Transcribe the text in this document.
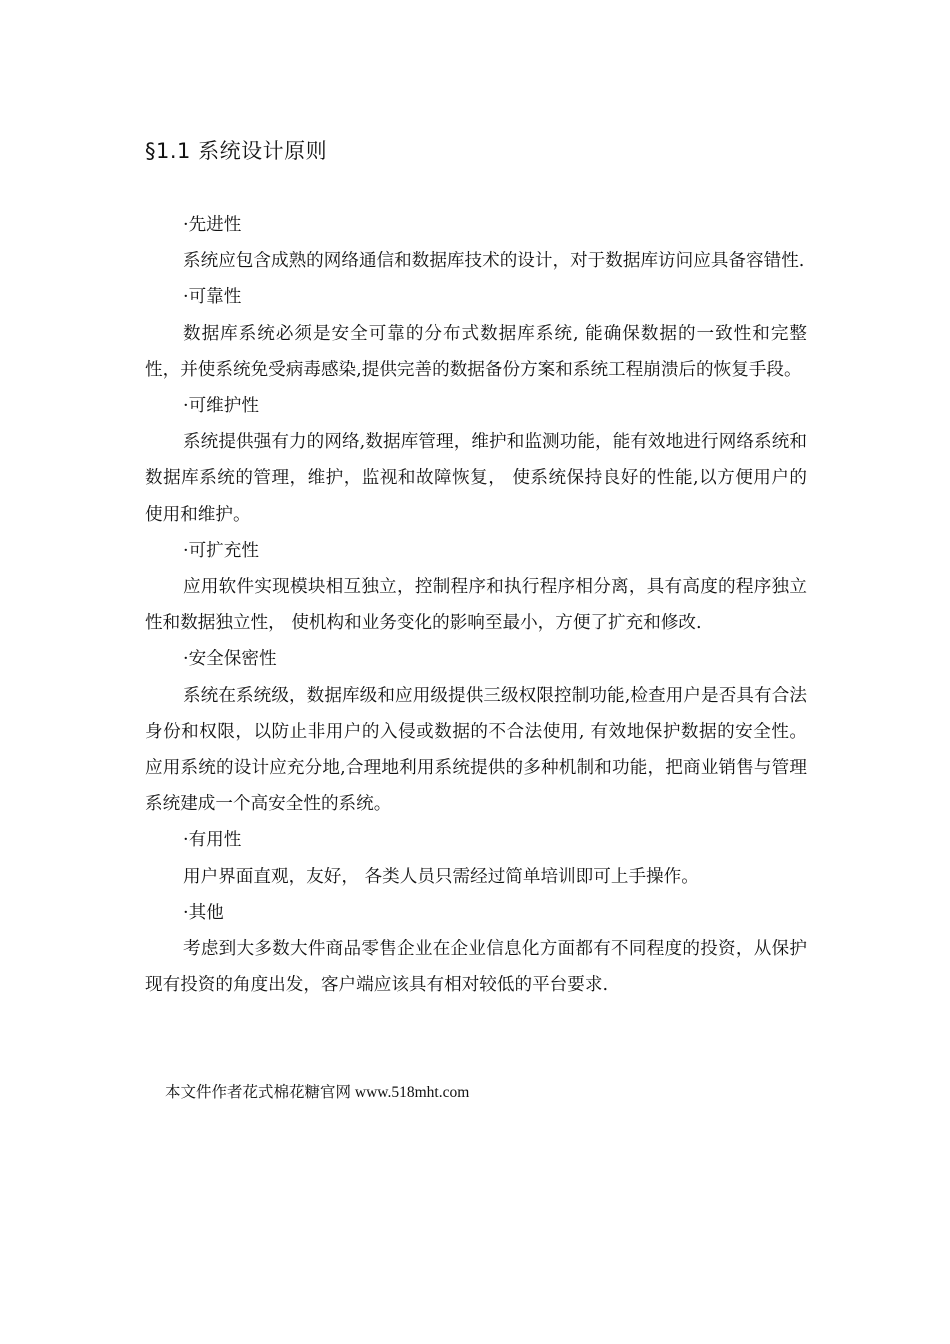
§1.1 系统设计原则

·先进性

系统应包含成熟的网络通信和数据库技术的设计，对于数据库访问应具备容错性.

·可靠性

数据库系统必须是安全可靠的分布式数据库系统, 能确保数据的一致性和完整性，并使系统免受病毒感染,提供完善的数据备份方案和系统工程崩溃后的恢复手段。

·可维护性

系统提供强有力的网络,数据库管理，维护和监测功能，能有效地进行网络系统和数据库系统的管理，维护，监视和故障恢复， 使系统保持良好的性能,以方便用户的使用和维护。

·可扩充性

应用软件实现模块相互独立，控制程序和执行程序相分离，具有高度的程序独立性和数据独立性， 使机构和业务变化的影响至最小，方便了扩充和修改.

·安全保密性

系统在系统级，数据库级和应用级提供三级权限控制功能,检查用户是否具有合法身份和权限，以防止非用户的入侵或数据的不合法使用, 有效地保护数据的安全性。应用系统的设计应充分地,合理地利用系统提供的多种机制和功能，把商业销售与管理系统建成一个高安全性的系统。

·有用性

用户界面直观，友好， 各类人员只需经过简单培训即可上手操作。

·其他

考虑到大多数大件商品零售企业在企业信息化方面都有不同程度的投资，从保护现有投资的角度出发，客户端应该具有相对较低的平台要求.

本文件作者花式棉花糖官网 www.518mht.com
